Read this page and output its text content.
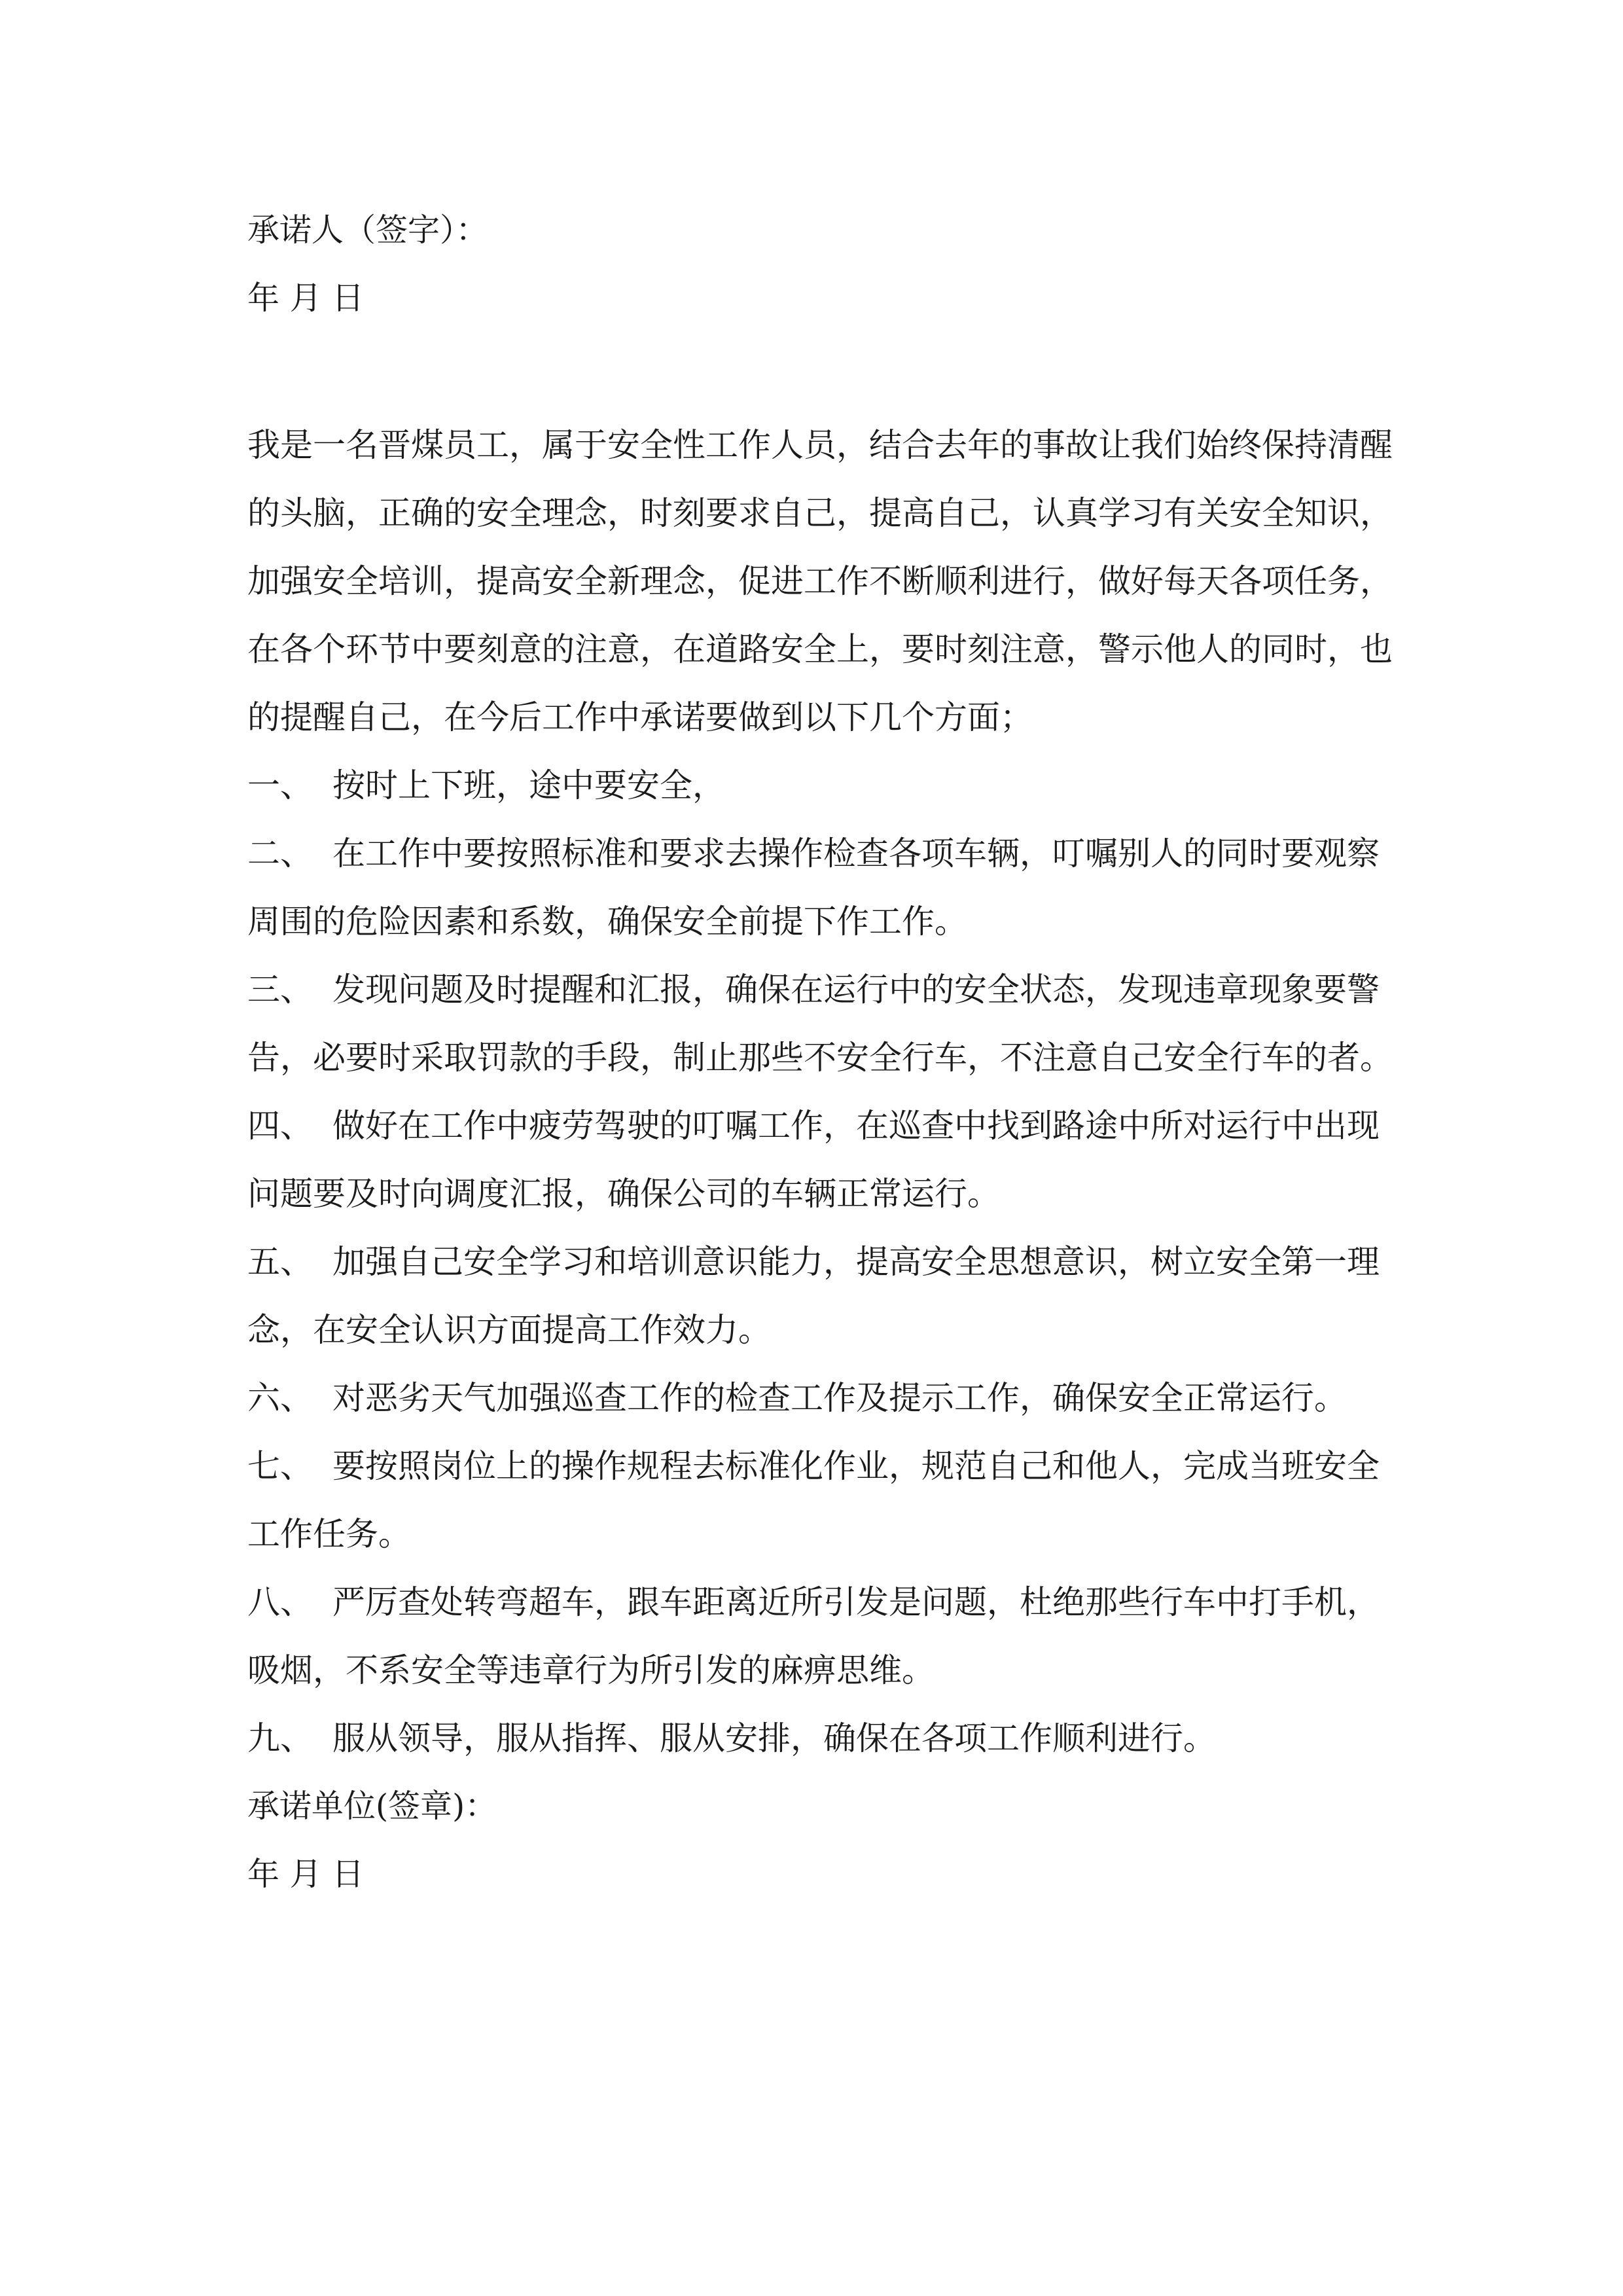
承诺人（签字）：
年 月 日
我是一名晋煤员工，属于安全性工作人员，结合去年的事故让我们始终保持清醒
的头脑，正确的安全理念，时刻要求自己，提高自己，认真学习有关安全知识，
加强安全培训，提高安全新理念，促进工作不断顺利进行，做好每天各项任务，
在各个环节中要刻意的注意，在道路安全上，要时刻注意，警示他人的同时，也
的提醒自己，在今后工作中承诺要做到以下几个方面；
一、 按时上下班，途中要安全，
二、 在工作中要按照标准和要求去操作检查各项车辆，叮嘱别人的同时要观察
周围的危险因素和系数，确保安全前提下作工作。
三、 发现问题及时提醒和汇报，确保在运行中的安全状态，发现违章现象要警
告，必要时采取罚款的手段，制止那些不安全行车，不注意自己安全行车的者。
四、 做好在工作中疲劳驾驶的叮嘱工作，在巡查中找到路途中所对运行中出现
问题要及时向调度汇报，确保公司的车辆正常运行。
五、 加强自己安全学习和培训意识能力，提高安全思想意识，树立安全第一理
念，在安全认识方面提高工作效力。
六、 对恶劣天气加强巡查工作的检查工作及提示工作，确保安全正常运行。
七、 要按照岗位上的操作规程去标准化作业，规范自己和他人，完成当班安全
工作任务。
八、 严厉查处转弯超车，跟车距离近所引发是问题，杜绝那些行车中打手机，
吸烟，不系安全等违章行为所引发的麻痹思维。
九、 服从领导，服从指挥、服从安排，确保在各项工作顺利进行。
承诺单位(签章)：
年 月 日
